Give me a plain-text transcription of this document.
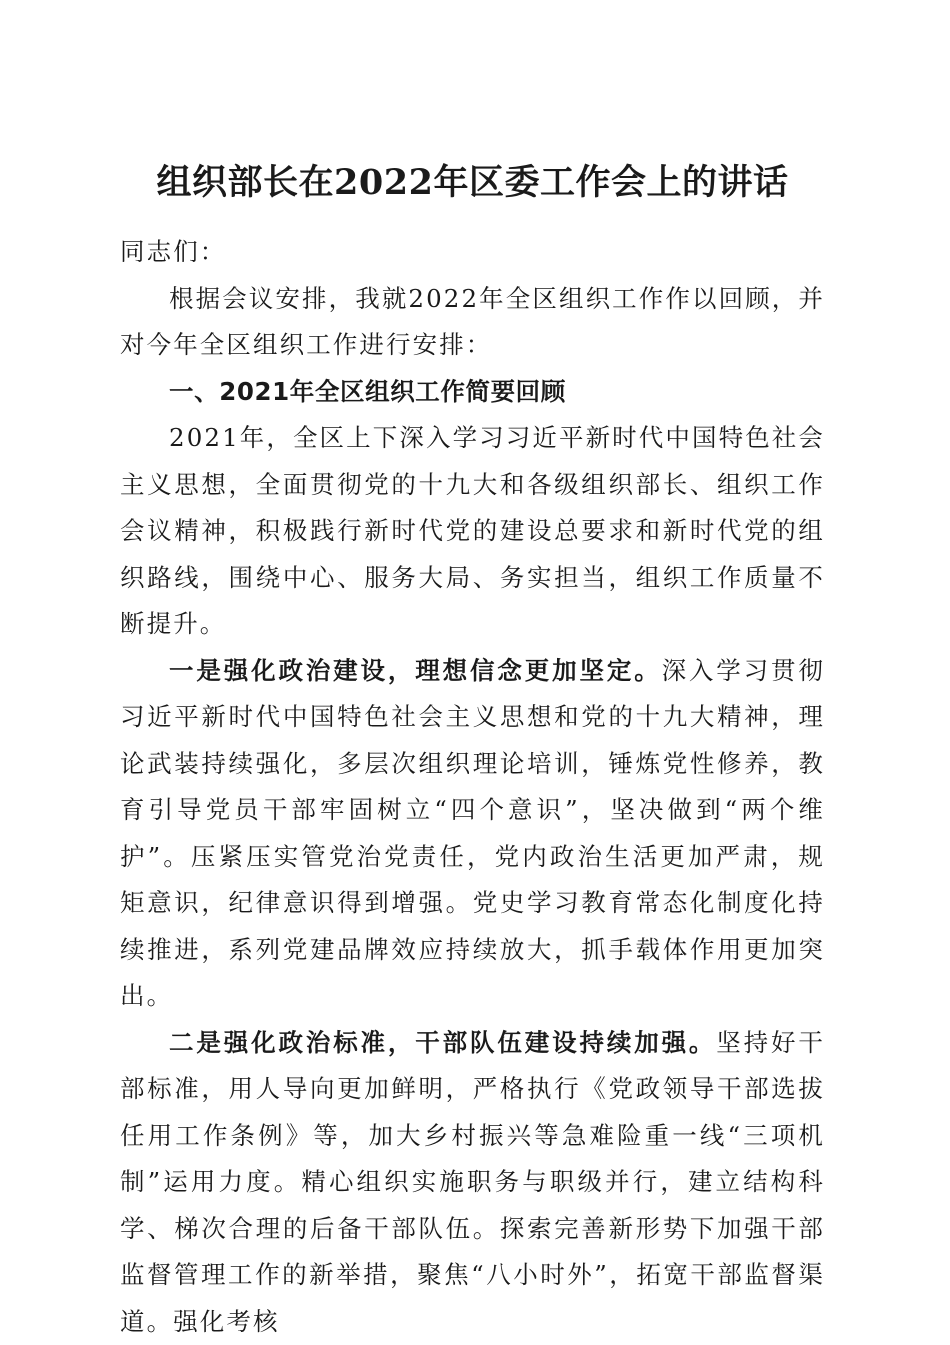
组织部长在2022年区委工作会上的讲话

同志们：

根据会议安排，我就2022年全区组织工作作以回顾，并对今年全区组织工作进行安排：

一、2021年全区组织工作简要回顾

2021年，全区上下深入学习习近平新时代中国特色社会主义思想，全面贯彻党的十九大和各级组织部长、组织工作会议精神，积极践行新时代党的建设总要求和新时代党的组织路线，围绕中心、服务大局、务实担当，组织工作质量不断提升。

一是强化政治建设，理想信念更加坚定。深入学习贯彻习近平新时代中国特色社会主义思想和党的十九大精神，理论武装持续强化，多层次组织理论培训，锤炼党性修养，教育引导党员干部牢固树立“四个意识”，坚决做到“两个维护”。压紧压实管党治党责任，党内政治生活更加严肃，规矩意识，纪律意识得到增强。党史学习教育常态化制度化持续推进，系列党建品牌效应持续放大，抓手载体作用更加突出。

二是强化政治标准，干部队伍建设持续加强。坚持好干部标准，用人导向更加鲜明，严格执行《党政领导干部选拔任用工作条例》等，加大乡村振兴等急难险重一线“三项机制”运用力度。精心组织实施职务与职级并行，建立结构科学、梯次合理的后备干部队伍。探索完善新形势下加强干部监督管理工作的新举措，聚焦“八小时外”，拓宽干部监督渠道。强化考核
